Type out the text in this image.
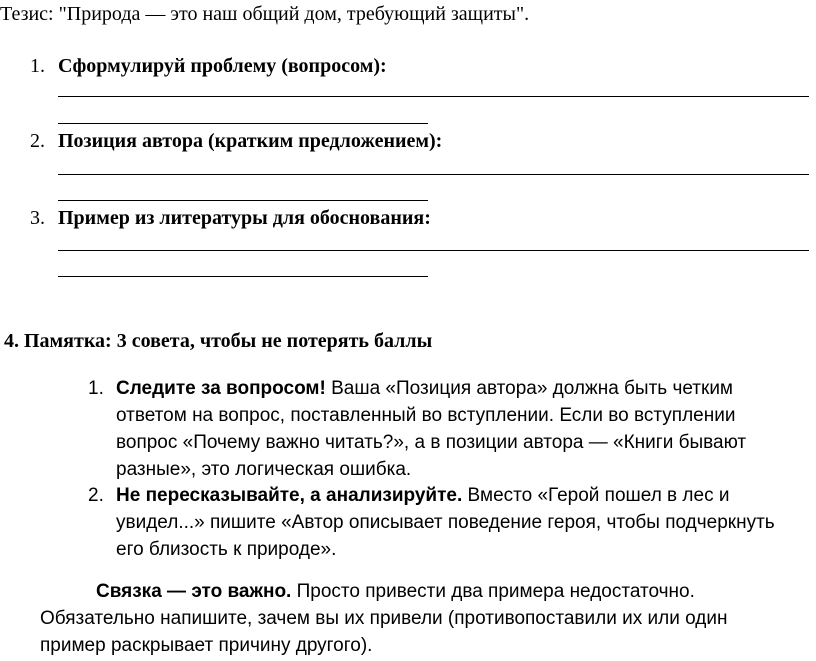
Тезис: "Природа — это наш общий дом, требующий защиты".
1. Сформулируй проблему (вопросом):
2. Позиция автора (кратким предложением):
3. Пример из литературы для обоснования:
4. Памятка: 3 совета, чтобы не потерять баллы
1. Следите за вопросом! Ваша «Позиция автора» должна быть четким ответом на вопрос, поставленный во вступлении. Если во вступлении вопрос «Почему важно читать?», а в позиции автора — «Книги бывают разные», это логическая ошибка.
2. Не пересказывайте, а анализируйте. Вместо «Герой пошел в лес и увидел...» пишите «Автор описывает поведение героя, чтобы подчеркнуть его близость к природе».
Связка — это важно. Просто привести два примера недостаточно. Обязательно напишите, зачем вы их привели (противопоставили их или один пример раскрывает причину другого).
